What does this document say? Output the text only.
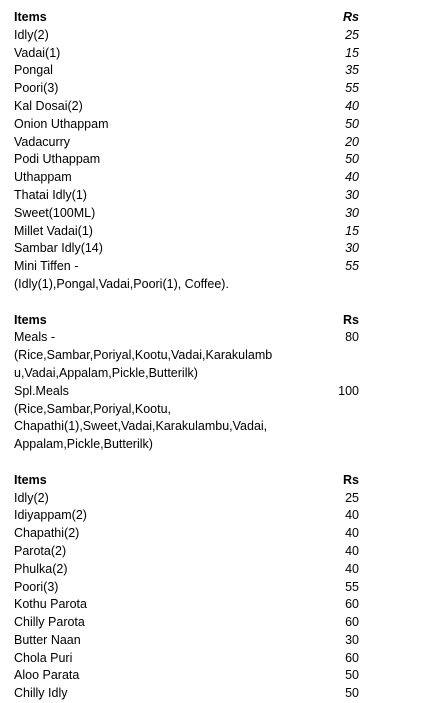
Items	Rs
Idly(2)	25
Vadai(1)	15
Pongal	35
Poori(3)	55
Kal Dosai(2)	40
Onion Uthappam	50
Vadacurry	20
Podi Uthappam	50
Uthappam	40
Thatai Idly(1)	30
Sweet(100ML)	30
Millet Vadai(1)	15
Sambar Idly(14)	30
Mini Tiffen -	55
(Idly(1),Pongal,Vadai,Poori(1), Coffee).
Items	Rs
Meals -	80
(Rice,Sambar,Poriyal,Kootu,Vadai,Karakulamb
u,Vadai,Appalam,Pickle,Butterilk)
Spl.Meals	100
(Rice,Sambar,Poriyal,Kootu,
Chapathi(1),Sweet,Vadai,Karakulambu,Vadai,
Appalam,Pickle,Butterilk)
Items	Rs
Idly(2)	25
Idiyappam(2)	40
Chapathi(2)	40
Parota(2)	40
Phulka(2)	40
Poori(3)	55
Kothu Parota	60
Chilly Parota	60
Butter Naan	30
Chola Puri	60
Aloo Parata	50
Chilly Idly	50
